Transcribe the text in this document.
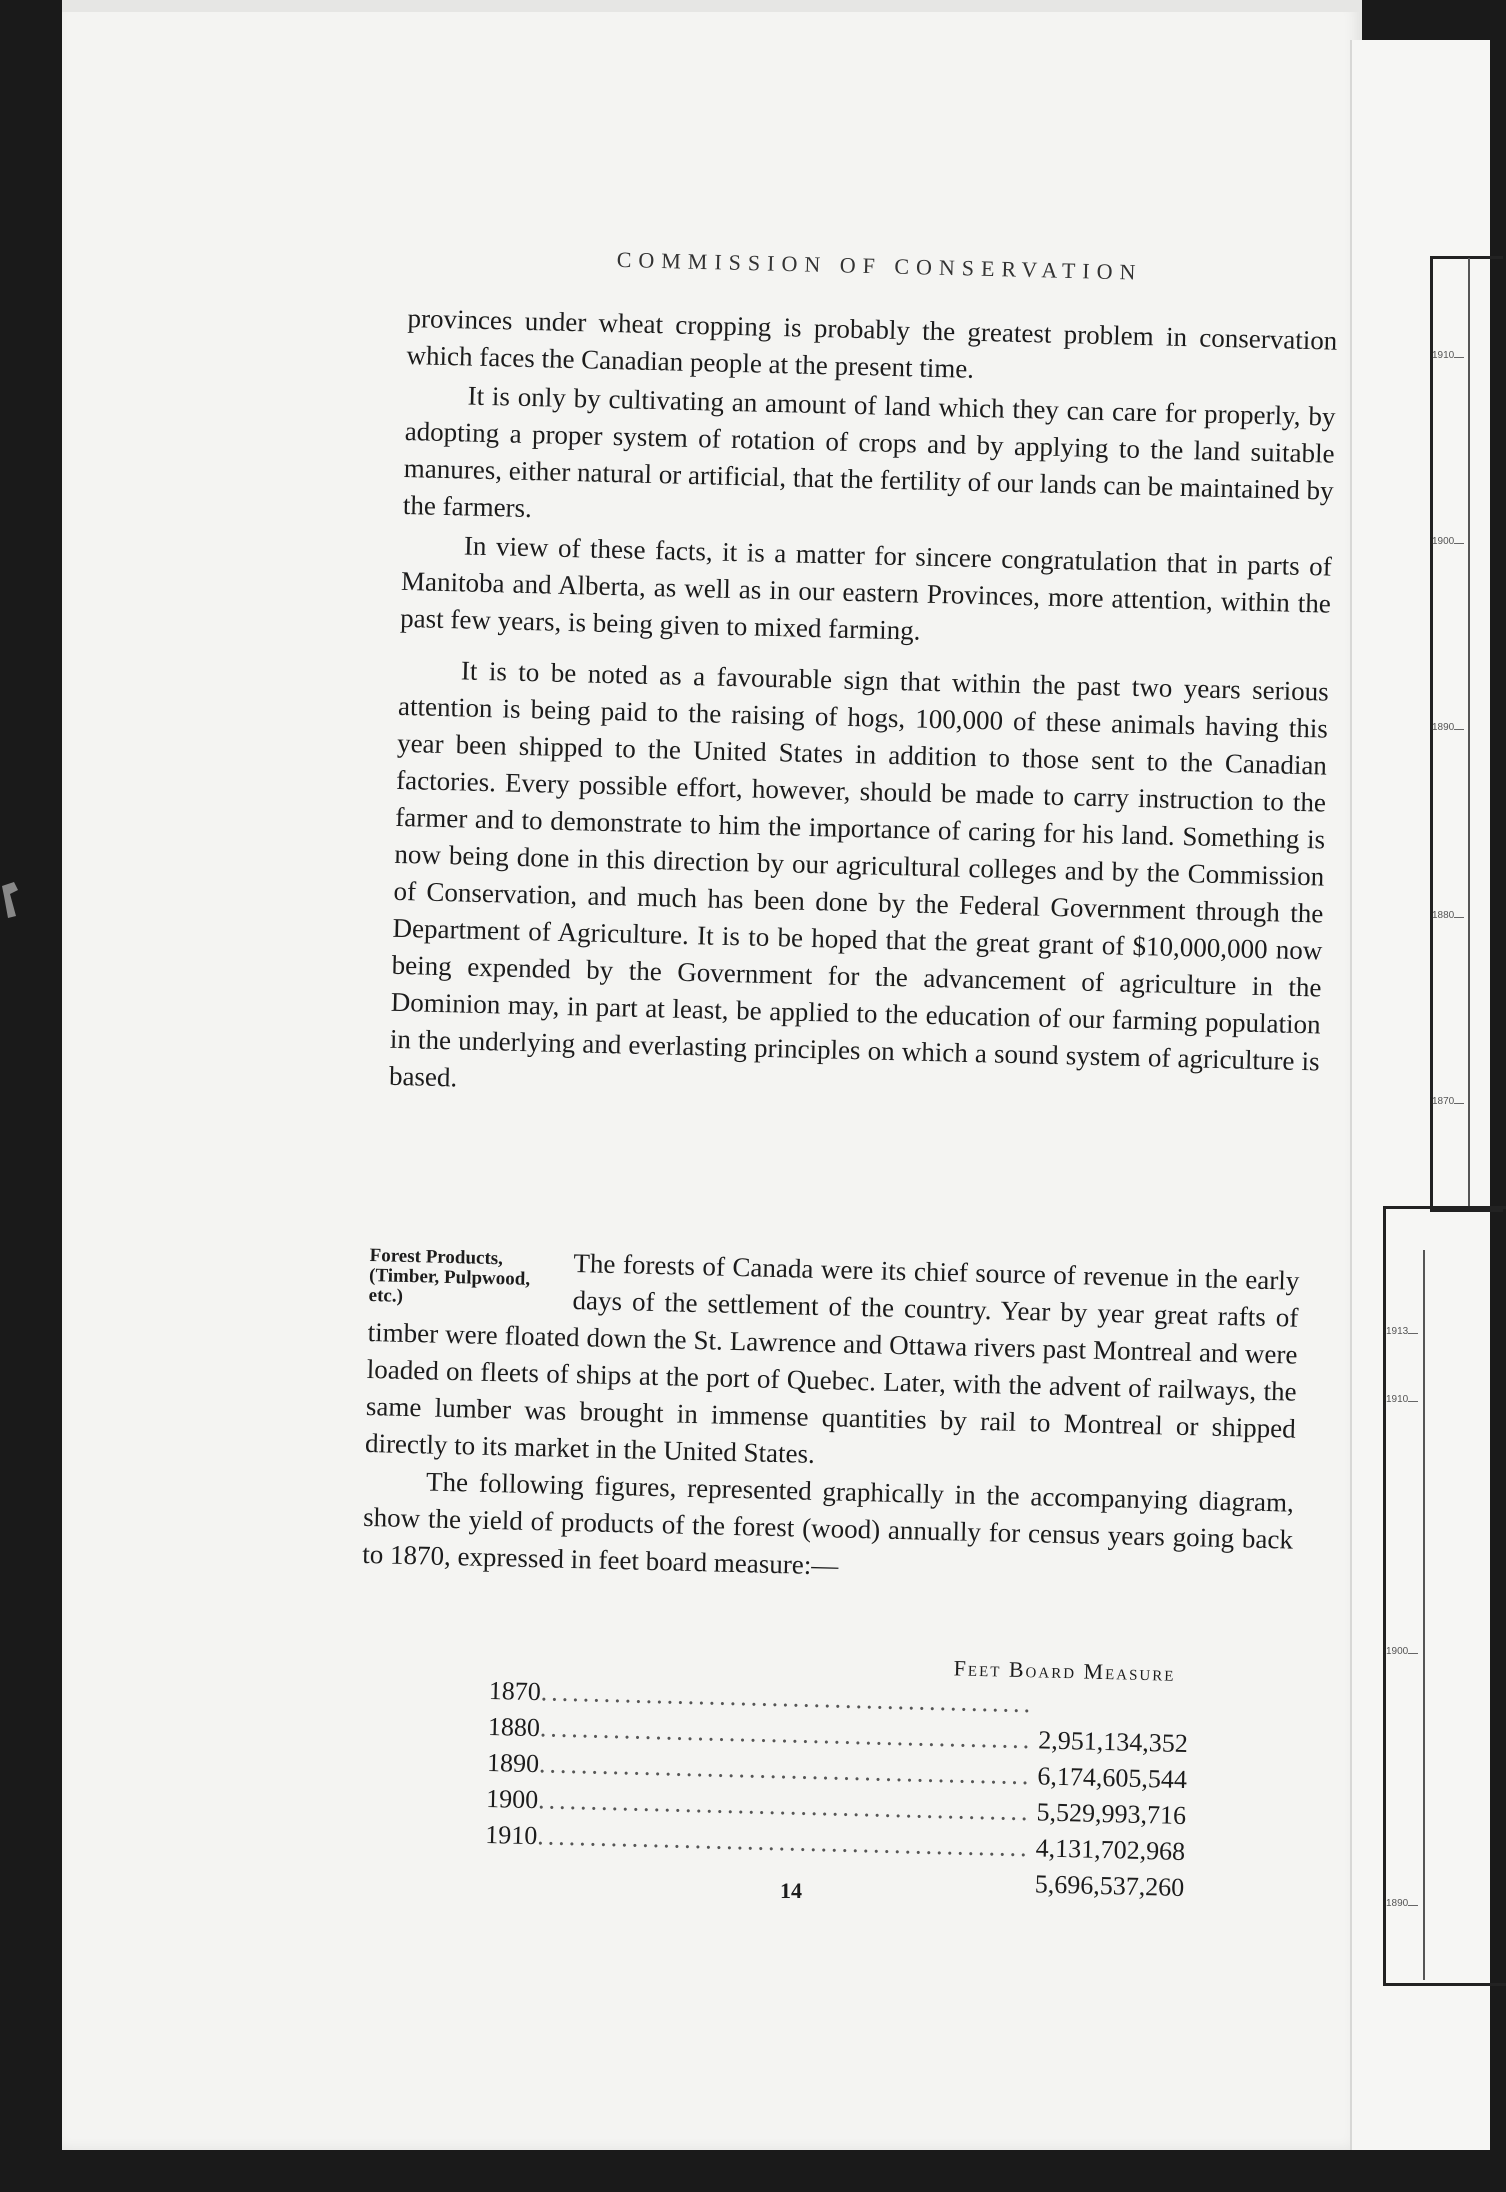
1910
1900
1890
1880
1870
1913
1910
1900
1890
COMMISSION OF CONSERVATION

provinces under wheat cropping is probably the greatest problem in conservation which faces the Canadian people at the present time.

It is only by cultivating an amount of land which they can care for properly, by adopting a proper system of rotation of crops and by applying to the land suitable manures, either natural or artificial, that the fertility of our lands can be maintained by the farmers.

In view of these facts, it is a matter for sincere congratulation that in parts of Manitoba and Alberta, as well as in our eastern Provinces, more attention, within the past few years, is being given to mixed farming.

It is to be noted as a favourable sign that within the past two years serious attention is being paid to the raising of hogs, 100,000 of these animals having this year been shipped to the United States in addition to those sent to the Canadian factories. Every possible effort, however, should be made to carry instruction to the farmer and to demonstrate to him the importance of caring for his land. Something is now being done in this direction by our agricultural colleges and by the Commission of Conservation, and much has been done by the Federal Government through the Department of Agriculture. It is to be hoped that the great grant of $10,000,000 now being expended by the Government for the advancement of agriculture in the Dominion may, in part at least, be applied to the education of our farming population in the underlying and everlasting principles on which a sound system of agriculture is based.

Forest Products, (Timber, Pulpwood, etc.)

The forests of Canada were its chief source of revenue in the early days of the settlement of the country. Year by year great rafts of timber were floated down the St. Lawrence and Ottawa rivers past Montreal and were loaded on fleets of ships at the port of Quebec. Later, with the advent of railways, the same lumber was brought in immense quantities by rail to Montreal or shipped directly to its market in the United States.

The following figures, represented graphically in the accompanying diagram, show the yield of products of the forest (wood) annually for census years going back to 1870, expressed in feet board measure:—

Feet Board Measure
1870 ...............................................
1880 ............................................... 2,951,134,352
1890 ............................................... 6,174,605,544
1900 ............................................... 5,529,993,716
1910 ............................................... 4,131,702,968
5,696,537,260
14
